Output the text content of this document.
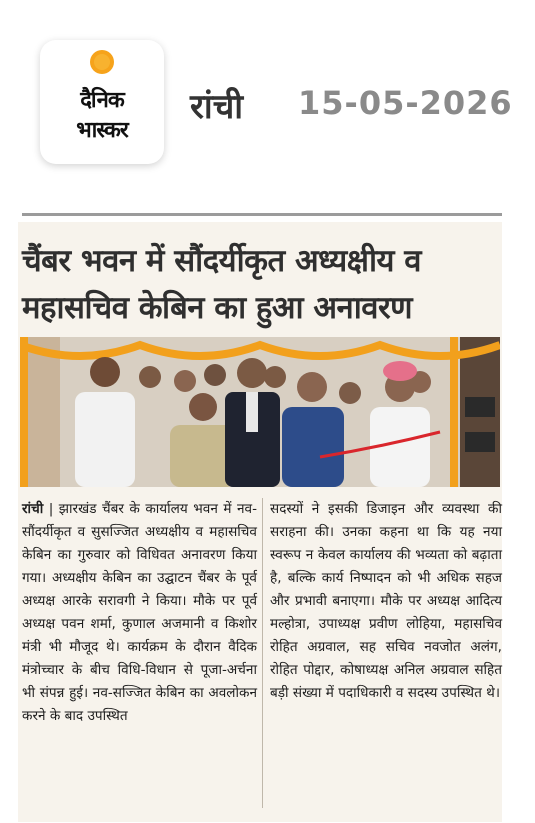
दैनिक
भास्कर
रांची 15-05-2026
चैंबर भवन में सौंदर्यीकृत अध्यक्षीय व महासचिव केबिन का हुआ अनावरण
रांची | झारखंड चैंबर के कार्यालय भवन में नव-सौंदर्यीकृत व सुसज्जित अध्यक्षीय व महासचिव केबिन का गुरुवार को विधिवत अनावरण किया गया। अध्यक्षीय केबिन का उद्घाटन चैंबर के पूर्व अध्यक्ष आरके सरावगी ने किया। मौके पर पूर्व अध्यक्ष पवन शर्मा, कुणाल अजमानी व किशोर मंत्री भी मौजूद थे। कार्यक्रम के दौरान वैदिक मंत्रोच्चार के बीच विधि-विधान से पूजा-अर्चना भी संपन्न हुई। नव-सज्जित केबिन का अवलोकन करने के बाद उपस्थित
सदस्यों ने इसकी डिजाइन और व्यवस्था की सराहना की। उनका कहना था कि यह नया स्वरूप न केवल कार्यालय की भव्यता को बढ़ाता है, बल्कि कार्य निष्पादन को भी अधिक सहज और प्रभावी बनाएगा। मौके पर अध्यक्ष आदित्य मल्होत्रा, उपाध्यक्ष प्रवीण लोहिया, महासचिव रोहित अग्रवाल, सह सचिव नवजोत अलंग, रोहित पोद्दार, कोषाध्यक्ष अनिल अग्रवाल सहित बड़ी संख्या में पदाधिकारी व सदस्य उपस्थित थे।
